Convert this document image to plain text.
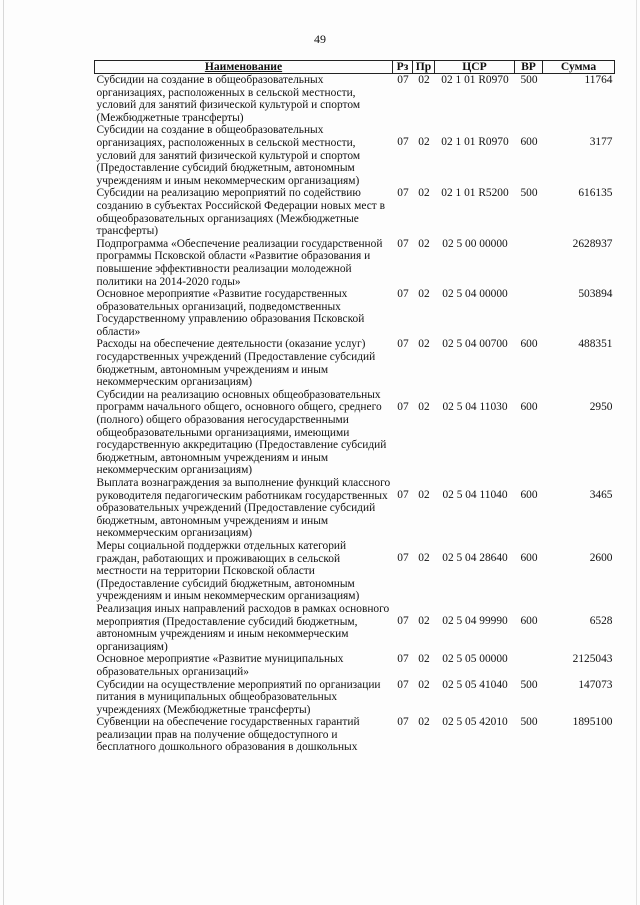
49
Наименование	Рз	Пр	ЦСР	ВР	Сумма
Субсидии на создание в общеобразовательных организациях, расположенных в сельской местности, условий для занятий физической культурой и спортом (Межбюджетные трансферты)	07	02	02 1 01 R0970	500	11764
Субсидии на создание в общеобразовательных организациях, расположенных в сельской местности, условий для занятий физической культурой и спортом (Предоставление субсидий бюджетным, автономным учреждениям и иным некоммерческим организациям)	07	02	02 1 01 R0970	600	3177
Субсидии на реализацию мероприятий по содействию созданию в субъектах Российской Федерации новых мест в общеобразовательных организациях (Межбюджетные трансферты)	07	02	02 1 01 R5200	500	616135
Подпрограмма «Обеспечение реализации государственной программы Псковской области «Развитие образования и повышение эффективности реализации молодежной политики на 2014-2020 годы»	07	02	02 5 00 00000		2628937
Основное мероприятие «Развитие государственных образовательных организаций, подведомственных Государственному управлению образования Псковской области»	07	02	02 5 04 00000		503894
Расходы на обеспечение деятельности (оказание услуг) государственных учреждений (Предоставление субсидий бюджетным, автономным учреждениям и иным некоммерческим организациям)	07	02	02 5 04 00700	600	488351
Субсидии на реализацию основных общеобразовательных программ начального общего, основного общего, среднего (полного) общего образования негосударственными общеобразовательными организациями, имеющими государственную аккредитацию (Предоставление субсидий бюджетным, автономным учреждениям и иным некоммерческим организациям)	07	02	02 5 04 11030	600	2950
Выплата вознаграждения за выполнение функций классного руководителя педагогическим работникам государственных образовательных учреждений (Предоставление субсидий бюджетным, автономным учреждениям и иным некоммерческим организациям)	07	02	02 5 04 11040	600	3465
Меры социальной поддержки отдельных категорий граждан, работающих и проживающих в сельской местности на территории Псковской области (Предоставление субсидий бюджетным, автономным учреждениям и иным некоммерческим организациям)	07	02	02 5 04 28640	600	2600
Реализация иных направлений расходов в рамках основного мероприятия (Предоставление субсидий бюджетным, автономным учреждениям и иным некоммерческим организациям)	07	02	02 5 04 99990	600	6528
Основное мероприятие «Развитие муниципальных образовательных организаций»	07	02	02 5 05 00000		2125043
Субсидии на осуществление мероприятий по организации питания в муниципальных общеобразовательных учреждениях (Межбюджетные трансферты)	07	02	02 5 05 41040	500	147073
Субвенции на обеспечение государственных гарантий реализации прав на получение общедоступного и бесплатного дошкольного образования в дошкольных	07	02	02 5 05 42010	500	1895100
